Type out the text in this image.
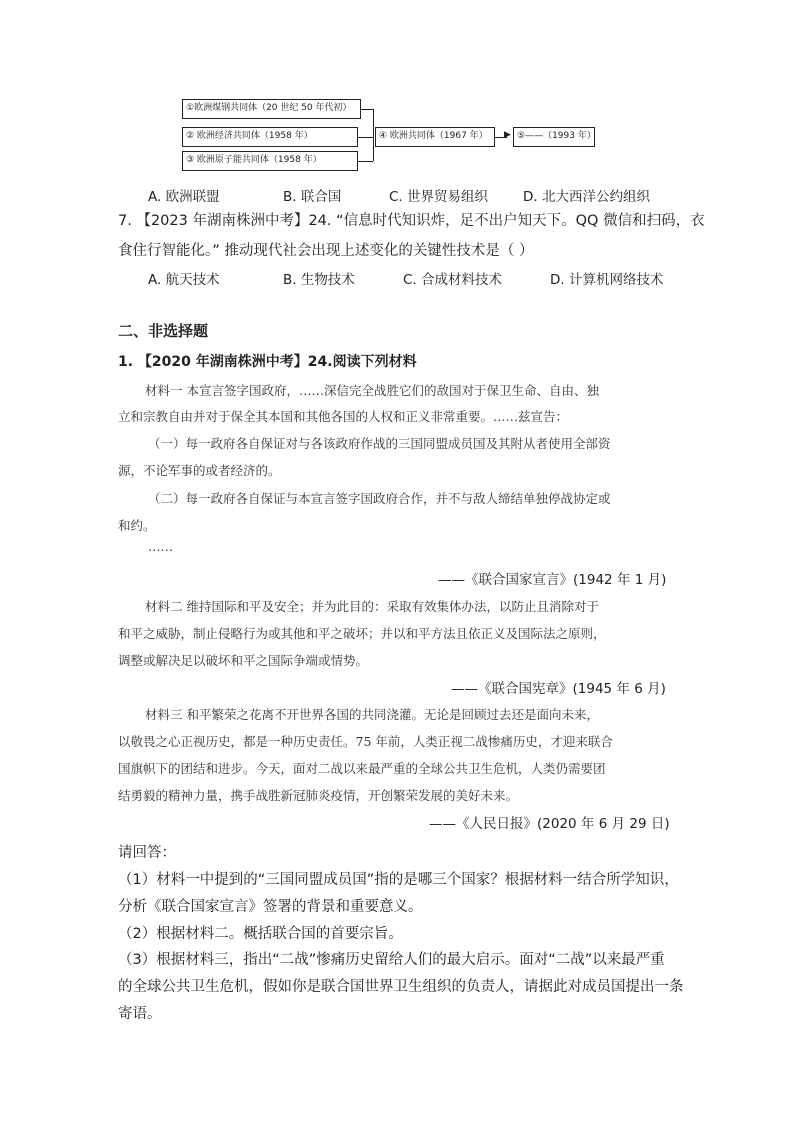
①欧洲煤钢共同体（20 世纪 50 年代初）
② 欧洲经济共同体（1958 年）
③ 欧洲原子能共同体（1958 年）
④ 欧洲共同体（1967 年）	▶ ⑤——（1993 年）
A. 欧洲联盟	B. 联合国	C. 世界贸易组织	D. 北大西洋公约组织
7. 【2023 年湖南株洲中考】24. “信息时代知识炸，足不出户知天下。QQ 微信和扫码，衣
食住行智能化。” 推动现代社会出现上述变化的关键性技术是（ ）
A. 航天技术	B. 生物技术	C. 合成材料技术	D. 计算机网络技术
二、非选择题
1. 【2020 年湖南株洲中考】24.阅读下列材料
材料一 本宣言签字国政府，……深信完全战胜它们的敌国对于保卫生命、自由、独
立和宗教自由并对于保全其本国和其他各国的人权和正义非常重要。……兹宣告：
（一）每一政府各自保证对与各该政府作战的三国同盟成员国及其附从者使用全部资
源，不论军事的或者经济的。
（二）每一政府各自保证与本宣言签字国政府合作，并不与敌人缔结单独停战协定或
和约。
……
——《联合国家宣言》(1942 年 1 月)
材料二 维持国际和平及安全；并为此目的：采取有效集体办法，以防止且消除对于
和平之威胁，制止侵略行为或其他和平之破坏；并以和平方法且依正义及国际法之原则，
调整或解决足以破坏和平之国际争端或情势。
——《联合国宪章》(1945 年 6 月)
材料三 和平繁荣之花离不开世界各国的共同浇灌。无论是回顾过去还是面向未来，
以敬畏之心正视历史，都是一种历史责任。75 年前，人类正视二战惨痛历史，才迎来联合
国旗帜下的团结和进步。今天，面对二战以来最严重的全球公共卫生危机，人类仍需要团
结勇毅的精神力量，携手战胜新冠肺炎疫情，开创繁荣发展的美好未来。
——《人民日报》(2020 年 6 月 29 日)
请回答：
（1）材料一中提到的“三国同盟成员国”指的是哪三个国家？根据材料一结合所学知识，
分析《联合国家宣言》签署的背景和重要意义。
（2）根据材料二。概括联合国的首要宗旨。
（3）根据材料三，指出“二战”惨痛历史留给人们的最大启示。面对“二战”以来最严重
的全球公共卫生危机，假如你是联合国世界卫生组织的负责人，请据此对成员国提出一条
寄语。
